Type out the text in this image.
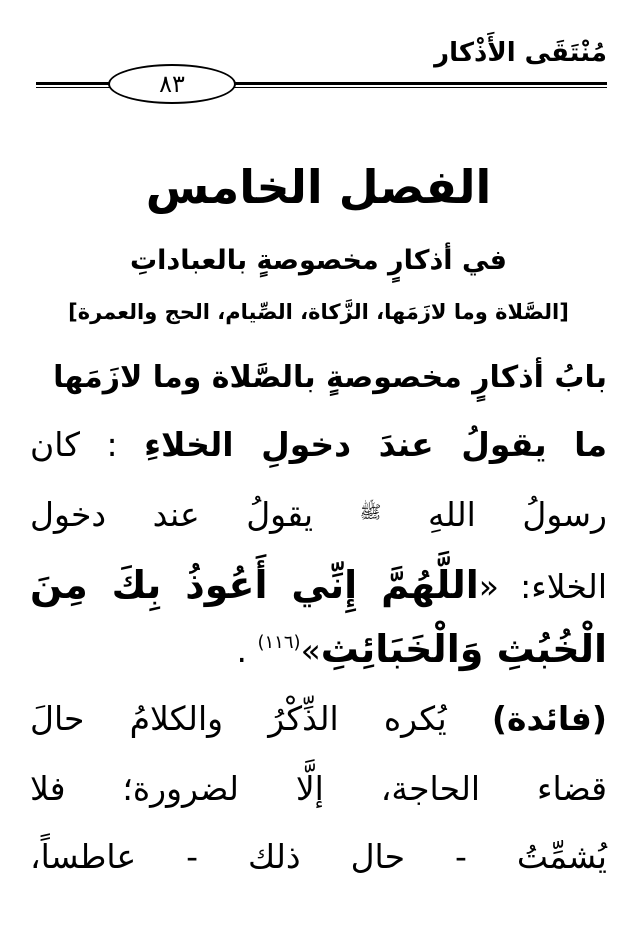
مُنْتَقَى الأَذْكار
٨٣
الفصل الخامس
في أذكارٍ مخصوصةٍ بالعباداتِ
[الصَّلاة وما لازَمَها، الزَّكاة، الصِّيام، الحج والعمرة]
بابُ أذكارٍ مخصوصةٍ بالصَّلاة وما لازَمَها
ما يقولُ عندَ دخولِ الخلاءِ : كان
رسولُ اللهِ $^ﷺ$ يقولُ عند دخول
الخلاء: «اللَّهُمَّ إِنِّي أَعُوذُ بِكَ مِنَ
الْخُبُثِ وَالْخَبَائِثِ»$^{(١١٦)}$ .
(فائدة) يُكره الذِّكْرُ والكلامُ حالَ
قضاء الحاجة، إلَّا لضرورة؛ فلا
يُشمِّتُ - حال ذلك - عاطساً،
